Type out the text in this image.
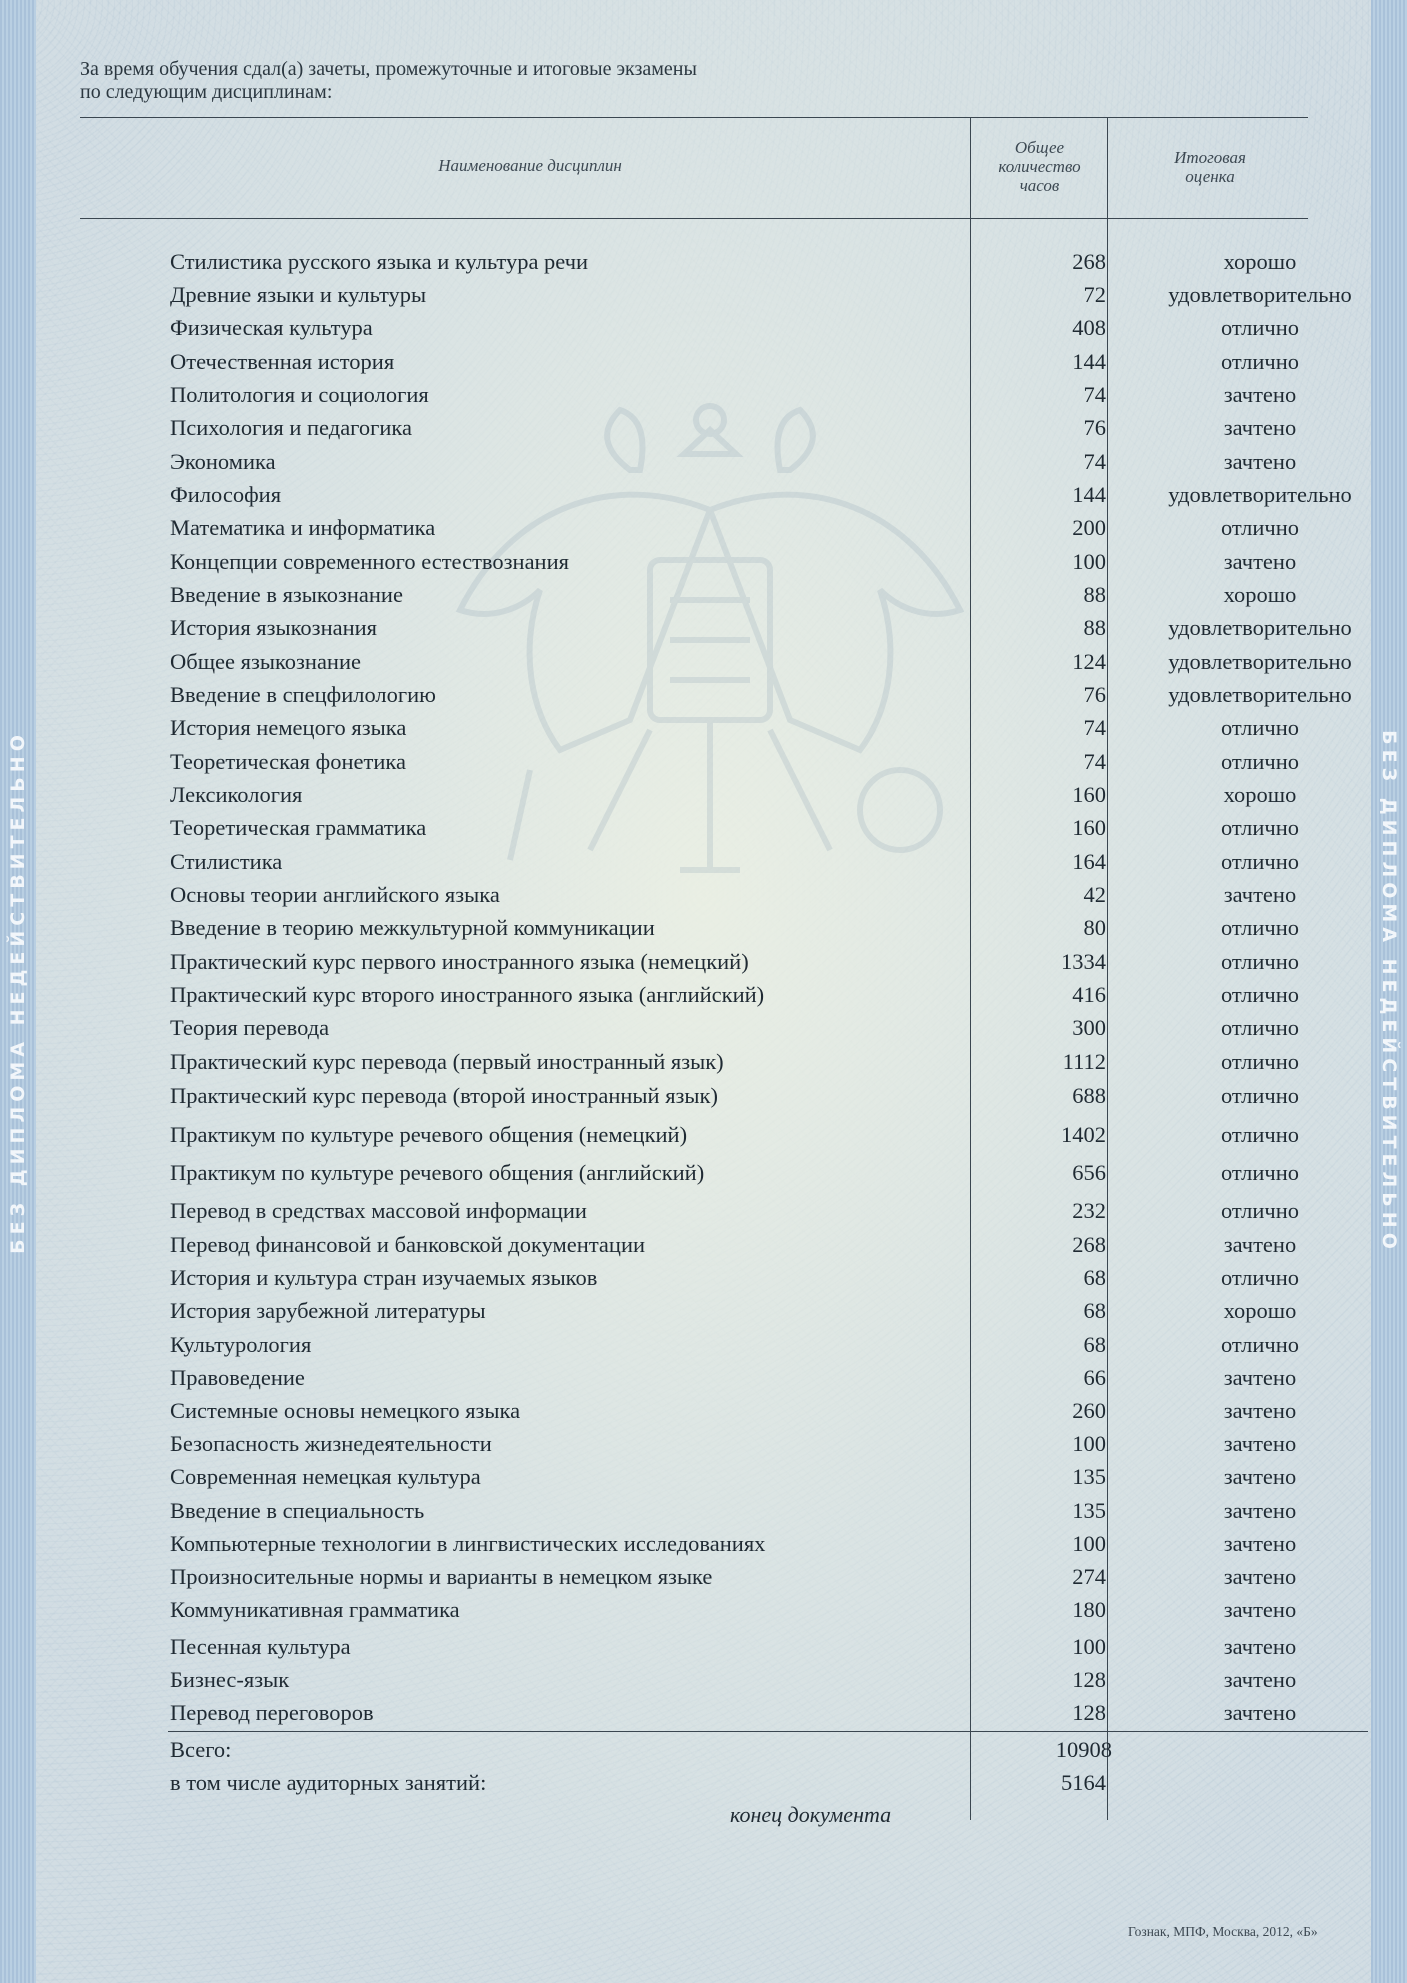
БЕЗ ДИПЛОМА НЕДЕЙСТВИТЕЛЬНО	БЕЗ ДИПЛОМА НЕДЕЙСТВИТЕЛЬНО
За время обучения сдал(а) зачеты, промежуточные и итоговые экзамены
по следующим дисциплинам:
Наименование дисциплин
Общее
количество
часов
Итоговая
оценка
Стилистика русского языка и культура речи	268	хорошо
Древние языки и культуры	72	удовлетворительно
Физическая культура	408	отлично
Отечественная история	144	отлично
Политология и социология	74	зачтено
Психология и педагогика	76	зачтено
Экономика	74	зачтено
Философия	144	удовлетворительно
Математика и информатика	200	отлично
Концепции современного естествознания	100	зачтено
Введение в языкознание	88	хорошо
История языкознания	88	удовлетворительно
Общее языкознание	124	удовлетворительно
Введение в спецфилологию	76	удовлетворительно
История немецого языка	74	отлично
Теоретическая фонетика	74	отлично
Лексикология	160	хорошо
Теоретическая грамматика	160	отлично
Стилистика	164	отлично
Основы теории английского языка	42	зачтено
Введение в теорию межкультурной коммуникации	80	отлично
Практический курс первого иностранного языка (немецкий)	1334	отлично
Практический курс второго иностранного языка (английский)	416	отлично
Теория перевода	300	отлично
Практический курс перевода (первый иностранный язык)	1112	отлично
Практический курс перевода (второй иностранный язык)	688	отлично
Практикум по культуре речевого общения (немецкий)	1402	отлично
Практикум по культуре речевого общения (английский)	656	отлично
Перевод в средствах массовой информации	232	отлично
Перевод финансовой и банковской документации	268	зачтено
История и культура стран изучаемых языков	68	отлично
История зарубежной литературы	68	хорошо
Культурология	68	отлично
Правоведение	66	зачтено
Системные основы немецкого языка	260	зачтено
Безопасность жизнедеятельности	100	зачтено
Современная немецкая культура	135	зачтено
Введение в специальность	135	зачтено
Компьютерные технологии в лингвистических исследованиях	100	зачтено
Произносительные нормы и варианты в немецком языке	274	зачтено
Коммуникативная грамматика	180	зачтено
Песенная культура	100	зачтено
Бизнес-язык	128	зачтено
Перевод переговоров	128	зачтено
Всего:	10908
в том числе аудиторных занятий:	5164
конец документа
Гознак, МПФ, Москва, 2012, «Б»
